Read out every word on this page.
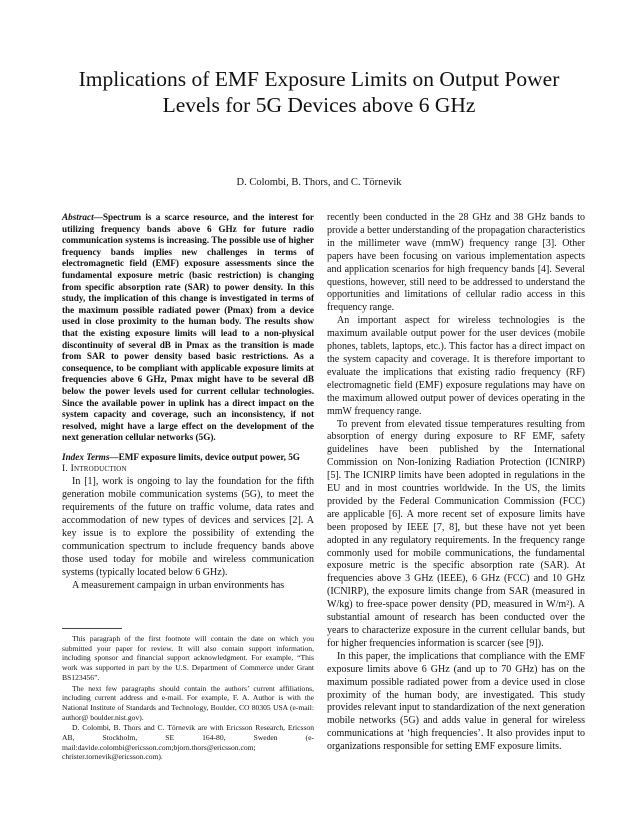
Implications of EMF Exposure Limits on Output Power Levels for 5G Devices above 6 GHz

D. Colombi, B. Thors, and C. Törnevik

Abstract—Spectrum is a scarce resource, and the interest for utilizing frequency bands above 6 GHz for future radio communication systems is increasing. The possible use of higher frequency bands implies new challenges in terms of electromagnetic field (EMF) exposure assessments since the fundamental exposure metric (basic restriction) is changing from specific absorption rate (SAR) to power density. In this study, the implication of this change is investigated in terms of the maximum possible radiated power (Pmax) from a device used in close proximity to the human body. The results show that the existing exposure limits will lead to a non-physical discontinuity of several dB in Pmax as the transition is made from SAR to power density based basic restrictions. As a consequence, to be compliant with applicable exposure limits at frequencies above 6 GHz, Pmax might have to be several dB below the power levels used for current cellular technologies. Since the available power in uplink has a direct impact on the system capacity and coverage, such an inconsistency, if not resolved, might have a large effect on the development of the next generation cellular networks (5G).

Index Terms—EMF exposure limits, device output power, 5G

I. Introduction

In [1], work is ongoing to lay the foundation for the fifth generation mobile communication systems (5G), to meet the requirements of the future on traffic volume, data rates and accommodation of new types of devices and services [2]. A key issue is to explore the possibility of extending the communication spectrum to include frequency bands above those used today for mobile and wireless communication systems (typically located below 6 GHz).

A measurement campaign in urban environments has

This paragraph of the first footnote will contain the date on which you submitted your paper for review. It will also contain support information, including sponsor and financial support acknowledgment. For example, “This work was supported in part by the U.S. Department of Commerce under Grant BS123456”.

The next few paragraphs should contain the authors’ current affiliations, including current address and e-mail. For example, F. A. Author is with the National Institute of Standards and Technology, Boulder, CO 80305 USA (e-mail: author@ boulder.nist.gov).

D. Colombi, B. Thors and C. Törnevik are with Ericsson Research, Ericsson AB, Stockholm, SE 164-80, Sweden (e-mail:davide.colombi@ericsson.com;bjorn.thors@ericsson.com; christer.tornevik@ericsson.com).

recently been conducted in the 28 GHz and 38 GHz bands to provide a better understanding of the propagation characteristics in the millimeter wave (mmW) frequency range [3]. Other papers have been focusing on various implementation aspects and application scenarios for high frequency bands [4]. Several questions, however, still need to be addressed to understand the opportunities and limitations of cellular radio access in this frequency range.

An important aspect for wireless technologies is the maximum available output power for the user devices (mobile phones, tablets, laptops, etc.). This factor has a direct impact on the system capacity and coverage. It is therefore important to evaluate the implications that existing radio frequency (RF) electromagnetic field (EMF) exposure regulations may have on the maximum allowed output power of devices operating in the mmW frequency range.

To prevent from elevated tissue temperatures resulting from absorption of energy during exposure to RF EMF, safety guidelines have been published by the International Commission on Non-Ionizing Radiation Protection (ICNIRP) [5]. The ICNIRP limits have been adopted in regulations in the EU and in most countries worldwide. In the US, the limits provided by the Federal Communication Commission (FCC) are applicable [6]. A more recent set of exposure limits have been proposed by IEEE [7, 8], but these have not yet been adopted in any regulatory requirements. In the frequency range commonly used for mobile communications, the fundamental exposure metric is the specific absorption rate (SAR). At frequencies above 3 GHz (IEEE), 6 GHz (FCC) and 10 GHz (ICNIRP), the exposure limits change from SAR (measured in W/kg) to free-space power density (PD, measured in W/m²). A substantial amount of research has been conducted over the years to characterize exposure in the current cellular bands, but for higher frequencies information is scarcer (see [9]).

In this paper, the implications that compliance with the EMF exposure limits above 6 GHz (and up to 70 GHz) has on the maximum possible radiated power from a device used in close proximity of the human body, are investigated. This study provides relevant input to standardization of the next generation mobile networks (5G) and adds value in general for wireless communications at ‘high frequencies’. It also provides input to organizations responsible for setting EMF exposure limits.
